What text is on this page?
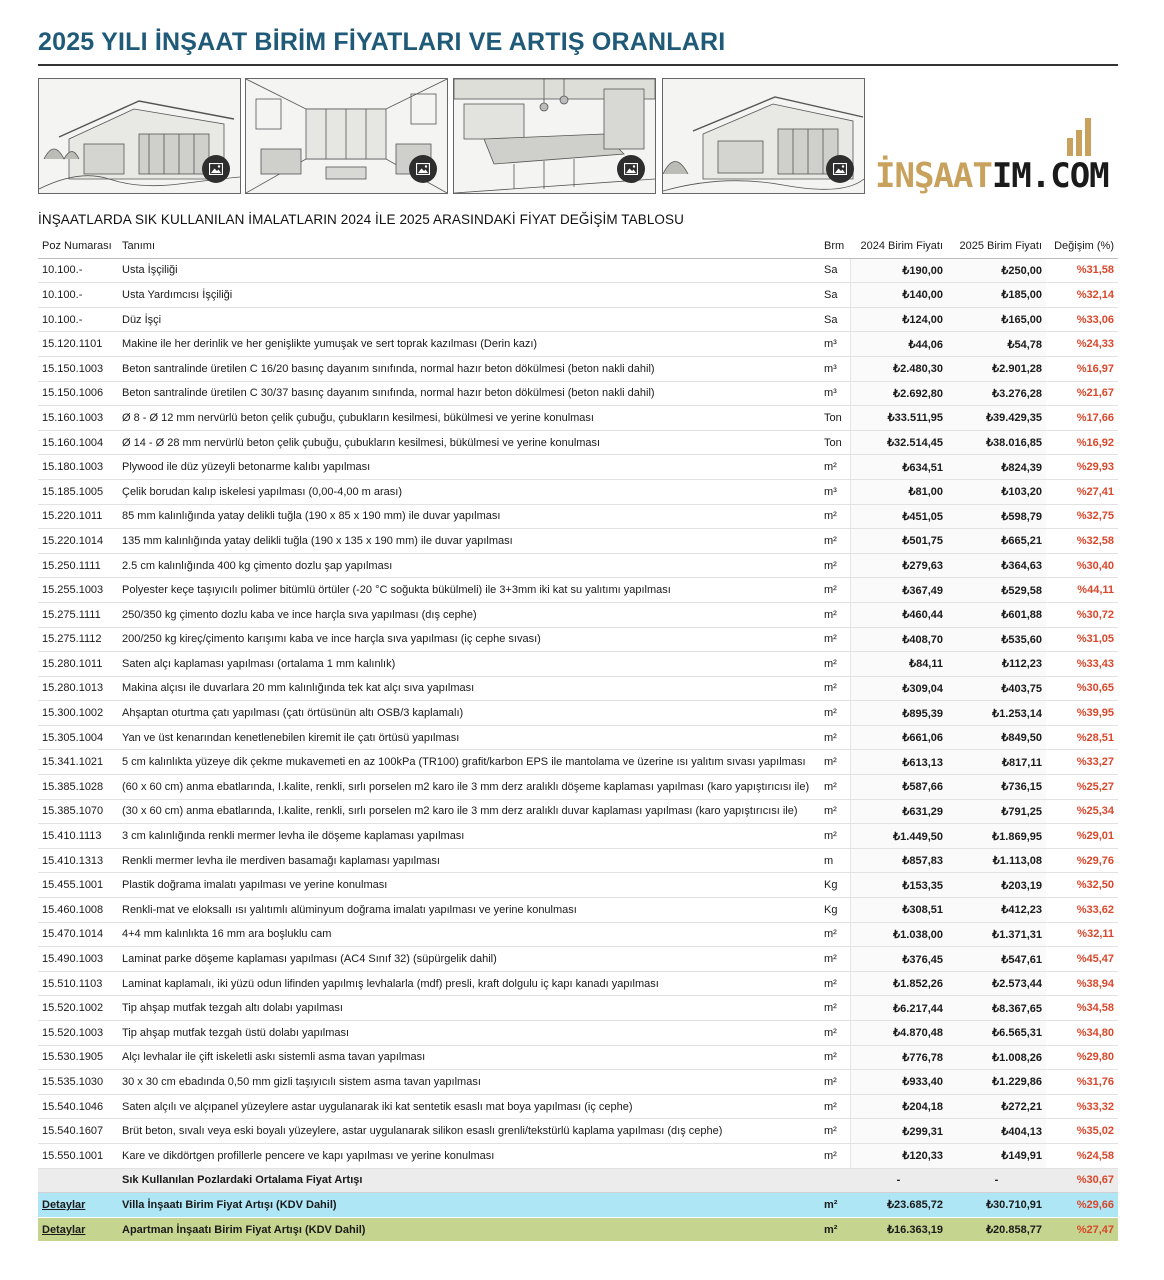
2025 YILI İNŞAAT BİRİM FİYATLARI VE ARTIŞ ORANLARI
İNŞAATIM.COM
İNŞAATLARDA SIK KULLANILAN İMALATLARIN 2024 İLE 2025 ARASINDAKİ FİYAT DEĞİŞİM TABLOSU
Poz Numarası	Tanımı	Brm	2024 Birim Fiyatı	2025 Birim Fiyatı	Değişim (%)
10.100.-	Usta İşçiliği	Sa	₺190,00	₺250,00	%31,58
10.100.-	Usta Yardımcısı İşçiliği	Sa	₺140,00	₺185,00	%32,14
10.100.-	Düz İşçi	Sa	₺124,00	₺165,00	%33,06
15.120.1101	Makine ile her derinlik ve her genişlikte yumuşak ve sert toprak kazılması (Derin kazı)	m³	₺44,06	₺54,78	%24,33
15.150.1003	Beton santralinde üretilen C 16/20 basınç dayanım sınıfında, normal hazır beton dökülmesi (beton nakli dahil)	m³	₺2.480,30	₺2.901,28	%16,97
15.150.1006	Beton santralinde üretilen C 30/37 basınç dayanım sınıfında, normal hazır beton dökülmesi (beton nakli dahil)	m³	₺2.692,80	₺3.276,28	%21,67
15.160.1003	Ø 8 - Ø 12 mm nervürlü beton çelik çubuğu, çubukların kesilmesi, bükülmesi ve yerine konulması	Ton	₺33.511,95	₺39.429,35	%17,66
15.160.1004	Ø 14 - Ø 28 mm nervürlü beton çelik çubuğu, çubukların kesilmesi, bükülmesi ve yerine konulması	Ton	₺32.514,45	₺38.016,85	%16,92
15.180.1003	Plywood ile düz yüzeyli betonarme kalıbı yapılması	m²	₺634,51	₺824,39	%29,93
15.185.1005	Çelik borudan kalıp iskelesi yapılması (0,00-4,00 m arası)	m³	₺81,00	₺103,20	%27,41
15.220.1011	85 mm kalınlığında yatay delikli tuğla (190 x 85 x 190 mm) ile duvar yapılması	m²	₺451,05	₺598,79	%32,75
15.220.1014	135 mm kalınlığında yatay delikli tuğla (190 x 135 x 190 mm) ile duvar yapılması	m²	₺501,75	₺665,21	%32,58
15.250.1111	2.5 cm kalınlığında 400 kg çimento dozlu şap yapılması	m²	₺279,63	₺364,63	%30,40
15.255.1003	Polyester keçe taşıyıcılı polimer bitümlü örtüler (-20 °C soğukta bükülmeli) ile 3+3mm iki kat su yalıtımı yapılması	m²	₺367,49	₺529,58	%44,11
15.275.1111	250/350 kg çimento dozlu kaba ve ince harçla sıva yapılması (dış cephe)	m²	₺460,44	₺601,88	%30,72
15.275.1112	200/250 kg kireç/çimento karışımı kaba ve ince harçla sıva yapılması (iç cephe sıvası)	m²	₺408,70	₺535,60	%31,05
15.280.1011	Saten alçı kaplaması yapılması (ortalama 1 mm kalınlık)	m²	₺84,11	₺112,23	%33,43
15.280.1013	Makina alçısı ile duvarlara 20 mm kalınlığında tek kat alçı sıva yapılması	m²	₺309,04	₺403,75	%30,65
15.300.1002	Ahşaptan oturtma çatı yapılması (çatı örtüsünün altı OSB/3 kaplamalı)	m²	₺895,39	₺1.253,14	%39,95
15.305.1004	Yan ve üst kenarından kenetlenebilen kiremit ile çatı örtüsü yapılması	m²	₺661,06	₺849,50	%28,51
15.341.1021	5 cm kalınlıkta yüzeye dik çekme mukavemeti en az 100kPa (TR100) grafit/karbon EPS ile mantolama ve üzerine ısı yalıtım sıvası yapılması	m²	₺613,13	₺817,11	%33,27
15.385.1028	(60 x 60 cm) anma ebatlarında, I.kalite, renkli, sırlı porselen m2 karo ile 3 mm derz aralıklı döşeme kaplaması yapılması (karo yapıştırıcısı ile)	m²	₺587,66	₺736,15	%25,27
15.385.1070	(30 x 60 cm) anma ebatlarında, I.kalite, renkli, sırlı porselen m2 karo ile 3 mm derz aralıklı duvar kaplaması yapılması (karo yapıştırıcısı ile)	m²	₺631,29	₺791,25	%25,34
15.410.1113	3 cm kalınlığında renkli mermer levha ile döşeme kaplaması yapılması	m²	₺1.449,50	₺1.869,95	%29,01
15.410.1313	Renkli mermer levha ile merdiven basamağı kaplaması yapılması	m	₺857,83	₺1.113,08	%29,76
15.455.1001	Plastik doğrama imalatı yapılması ve yerine konulması	Kg	₺153,35	₺203,19	%32,50
15.460.1008	Renkli-mat ve eloksallı ısı yalıtımlı alüminyum doğrama imalatı yapılması ve yerine konulması	Kg	₺308,51	₺412,23	%33,62
15.470.1014	4+4 mm kalınlıkta 16 mm ara boşluklu cam	m²	₺1.038,00	₺1.371,31	%32,11
15.490.1003	Laminat parke döşeme kaplaması yapılması (AC4 Sınıf 32) (süpürgelik dahil)	m²	₺376,45	₺547,61	%45,47
15.510.1103	Laminat kaplamalı, iki yüzü odun lifinden yapılmış levhalarla (mdf) presli, kraft dolgulu iç kapı kanadı yapılması	m²	₺1.852,26	₺2.573,44	%38,94
15.520.1002	Tip ahşap mutfak tezgah altı dolabı yapılması	m²	₺6.217,44	₺8.367,65	%34,58
15.520.1003	Tip ahşap mutfak tezgah üstü dolabı yapılması	m²	₺4.870,48	₺6.565,31	%34,80
15.530.1905	Alçı levhalar ile çift iskeletli askı sistemli asma tavan yapılması	m²	₺776,78	₺1.008,26	%29,80
15.535.1030	30 x 30 cm ebadında 0,50 mm gizli taşıyıcılı sistem asma tavan yapılması	m²	₺933,40	₺1.229,86	%31,76
15.540.1046	Saten alçılı ve alçıpanel yüzeylere astar uygulanarak iki kat sentetik esaslı mat boya yapılması (iç cephe)	m²	₺204,18	₺272,21	%33,32
15.540.1607	Brüt beton, sıvalı veya eski boyalı yüzeylere, astar uygulanarak silikon esaslı grenli/tekstürlü kaplama yapılması (dış cephe)	m²	₺299,31	₺404,13	%35,02
15.550.1001	Kare ve dikdörtgen profillerle pencere ve kapı yapılması ve yerine konulması	m²	₺120,33	₺149,91	%24,58
	Sık Kullanılan Pozlardaki Ortalama Fiyat Artışı		-	-	%30,67
Detaylar	Villa İnşaatı Birim Fiyat Artışı (KDV Dahil)	m²	₺23.685,72	₺30.710,91	%29,66
Detaylar	Apartman İnşaatı Birim Fiyat Artışı (KDV Dahil)	m²	₺16.363,19	₺20.858,77	%27,47
